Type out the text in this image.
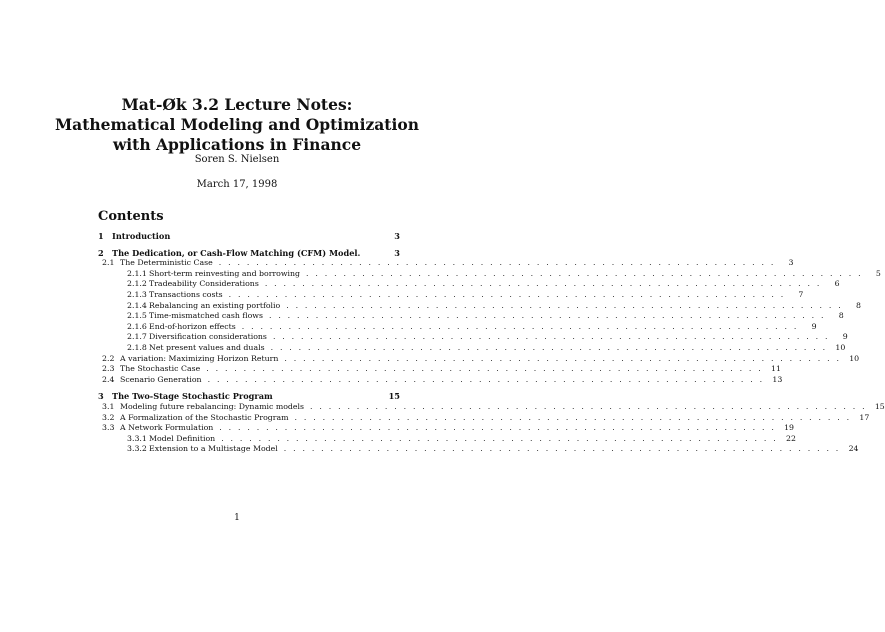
Mat-Øk 3.2 Lecture Notes:
Mathematical Modeling and Optimization
with Applications in Finance
Soren S. Nielsen
March 17, 1998
Contents
1	Introduction	3
2	The Dedication, or Cash-Flow Matching (CFM) Model.	3
2.1 The Deterministic Case . . . . . . . . . . . . . . . . . . . . . . . . . . . . . . . . . . . . . . . . . . . . . . . . . . . . . . . . . . . .	3
2.1.1 Short-term reinvesting and borrowing . . . . . . . . . . . . . . . . . . . . . . . . . . . . . . . . . . . . . . . . . . . . . . . . . . . . . . . . . . . .	5
2.1.2 Tradeability Considerations . . . . . . . . . . . . . . . . . . . . . . . . . . . . . . . . . . . . . . . . . . . . . . . . . . . . . . . . . . . .	6
2.1.3 Transactions costs . . . . . . . . . . . . . . . . . . . . . . . . . . . . . . . . . . . . . . . . . . . . . . . . . . . . . . . . . . . .	7
2.1.4 Rebalancing an existing portfolio . . . . . . . . . . . . . . . . . . . . . . . . . . . . . . . . . . . . . . . . . . . . . . . . . . . . . . . . . . . .	8
2.1.5 Time-mismatched cash flows . . . . . . . . . . . . . . . . . . . . . . . . . . . . . . . . . . . . . . . . . . . . . . . . . . . . . . . . . . . .	8
2.1.6 End-of-horizon effects . . . . . . . . . . . . . . . . . . . . . . . . . . . . . . . . . . . . . . . . . . . . . . . . . . . . . . . . . . . .	9
2.1.7 Diversification considerations . . . . . . . . . . . . . . . . . . . . . . . . . . . . . . . . . . . . . . . . . . . . . . . . . . . . . . . . . . . .	9
2.1.8 Net present values and duals . . . . . . . . . . . . . . . . . . . . . . . . . . . . . . . . . . . . . . . . . . . . . . . . . . . . . . . . . . . .	10
2.2 A variation: Maximizing Horizon Return . . . . . . . . . . . . . . . . . . . . . . . . . . . . . . . . . . . . . . . . . . . . . . . . . . . . . . . . . . . .	10
2.3 The Stochastic Case . . . . . . . . . . . . . . . . . . . . . . . . . . . . . . . . . . . . . . . . . . . . . . . . . . . . . . . . . . . .	11
2.4 Scenario Generation . . . . . . . . . . . . . . . . . . . . . . . . . . . . . . . . . . . . . . . . . . . . . . . . . . . . . . . . . . . .	13
3	The Two-Stage Stochastic Program	15
3.1 Modeling future rebalancing: Dynamic models . . . . . . . . . . . . . . . . . . . . . . . . . . . . . . . . . . . . . . . . . . . . . . . . . . . . . . . . . . . .	15
3.2 A Formalization of the Stochastic Program . . . . . . . . . . . . . . . . . . . . . . . . . . . . . . . . . . . . . . . . . . . . . . . . . . . . . . . . . . . .	17
3.3 A Network Formulation . . . . . . . . . . . . . . . . . . . . . . . . . . . . . . . . . . . . . . . . . . . . . . . . . . . . . . . . . . . .	19
3.3.1 Model Definition . . . . . . . . . . . . . . . . . . . . . . . . . . . . . . . . . . . . . . . . . . . . . . . . . . . . . . . . . . . .	22
3.3.2 Extension to a Multistage Model . . . . . . . . . . . . . . . . . . . . . . . . . . . . . . . . . . . . . . . . . . . . . . . . . . . . . . . . . . . .	24
1
